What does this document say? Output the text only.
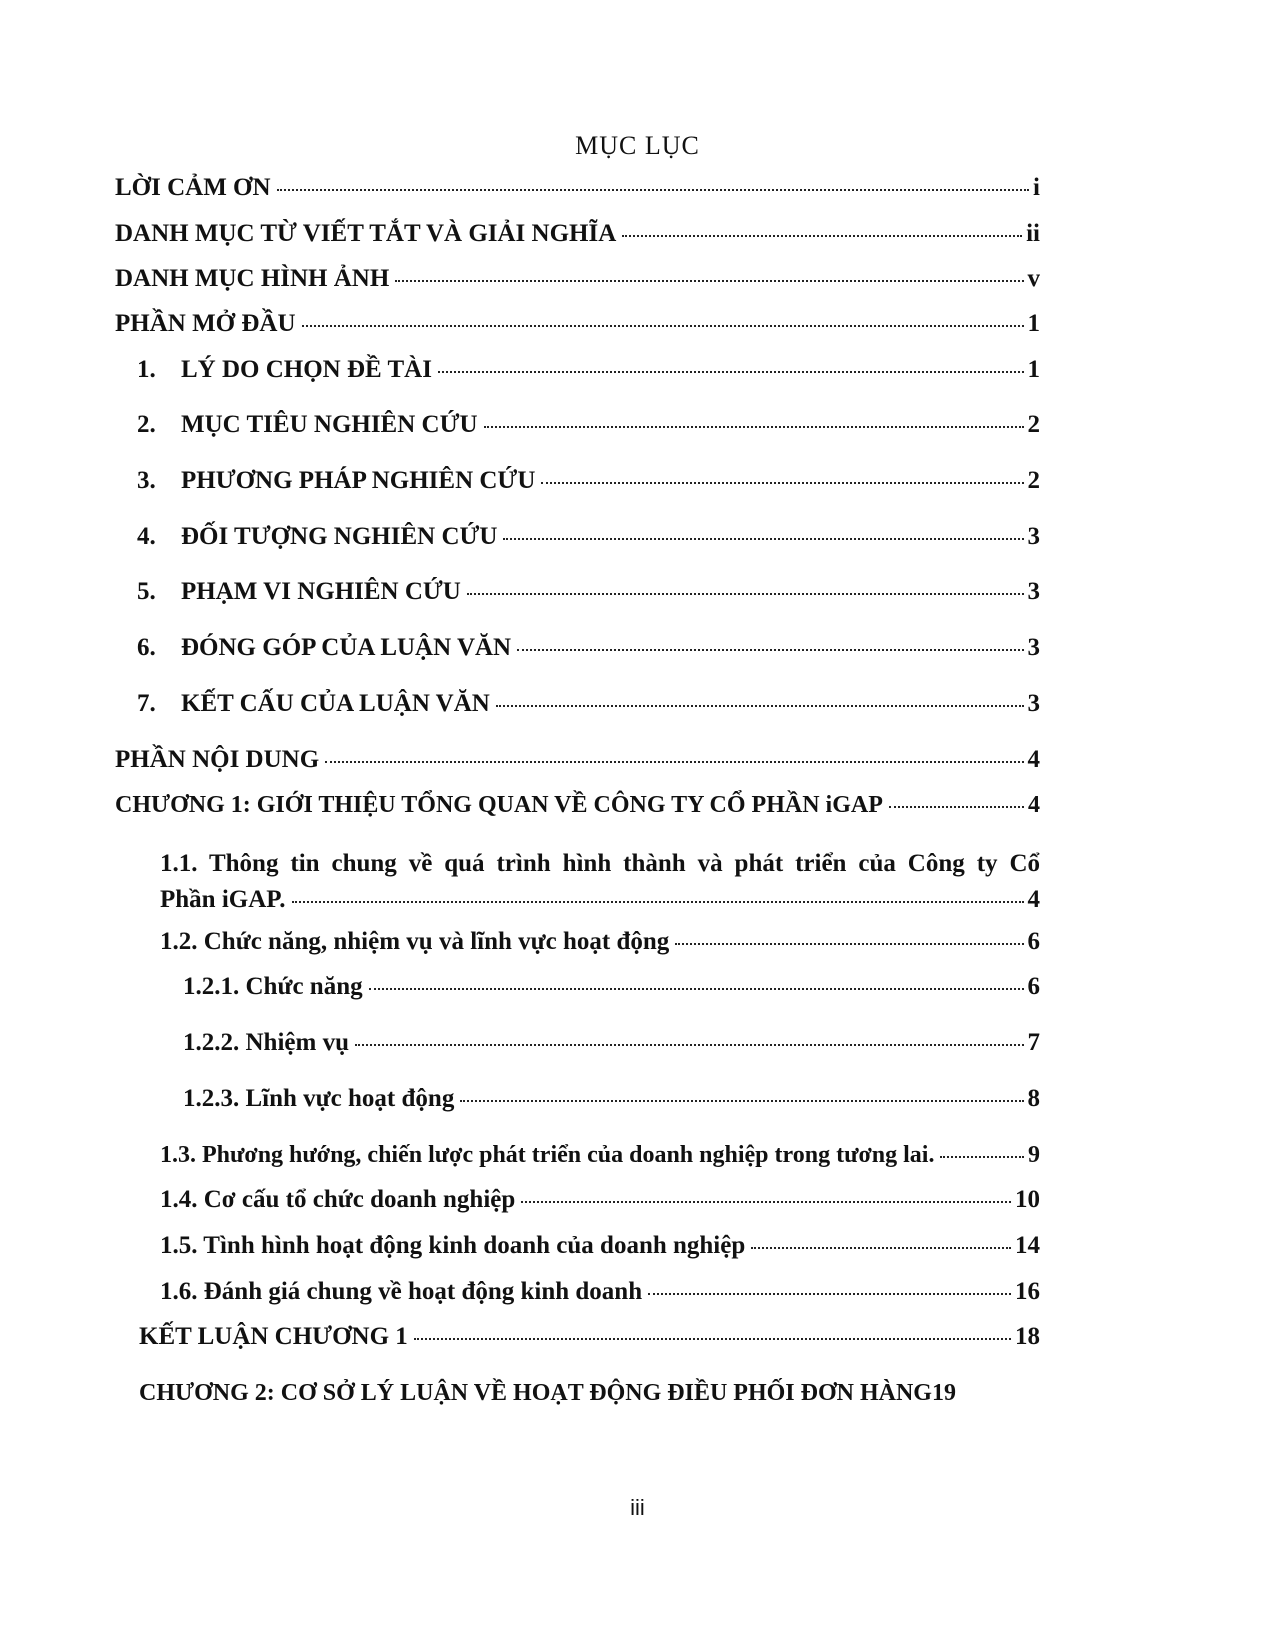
MỤC LỤC
LỜI CẢM ƠN	i
DANH MỤC TỪ VIẾT TẮT VÀ GIẢI NGHĨA	ii
DANH MỤC HÌNH ẢNH	v
PHẦN MỞ ĐẦU	1
1.	LÝ DO CHỌN ĐỀ TÀI	1
2.	MỤC TIÊU NGHIÊN CỨU	2
3.	PHƯƠNG PHÁP NGHIÊN CỨU	2
4.	ĐỐI TƯỢNG NGHIÊN CỨU	3
5.	PHẠM VI NGHIÊN CỨU	3
6.	ĐÓNG GÓP CỦA LUẬN VĂN	3
7.	KẾT CẤU CỦA LUẬN VĂN	3
PHẦN NỘI DUNG	4
CHƯƠNG 1: GIỚI THIỆU TỔNG QUAN VỀ CÔNG TY CỔ PHẦN iGAP	4
1.1. Thông tin chung về quá trình hình thành và phát triển của Công ty Cổ
Phần iGAP.	4
1.2. Chức năng, nhiệm vụ và lĩnh vực hoạt động	6
1.2.1. Chức năng	6
1.2.2. Nhiệm vụ	7
1.2.3. Lĩnh vực hoạt động	8
1.3. Phương hướng, chiến lược phát triển của doanh nghiệp trong tương lai.	9
1.4. Cơ cấu tổ chức doanh nghiệp	10
1.5. Tình hình hoạt động kinh doanh của doanh nghiệp	14
1.6. Đánh giá chung về hoạt động kinh doanh	16
KẾT LUẬN CHƯƠNG 1	18
CHƯƠNG 2: CƠ SỞ LÝ LUẬN VỀ HOẠT ĐỘNG ĐIỀU PHỐI ĐƠN HÀNG 19
iii
